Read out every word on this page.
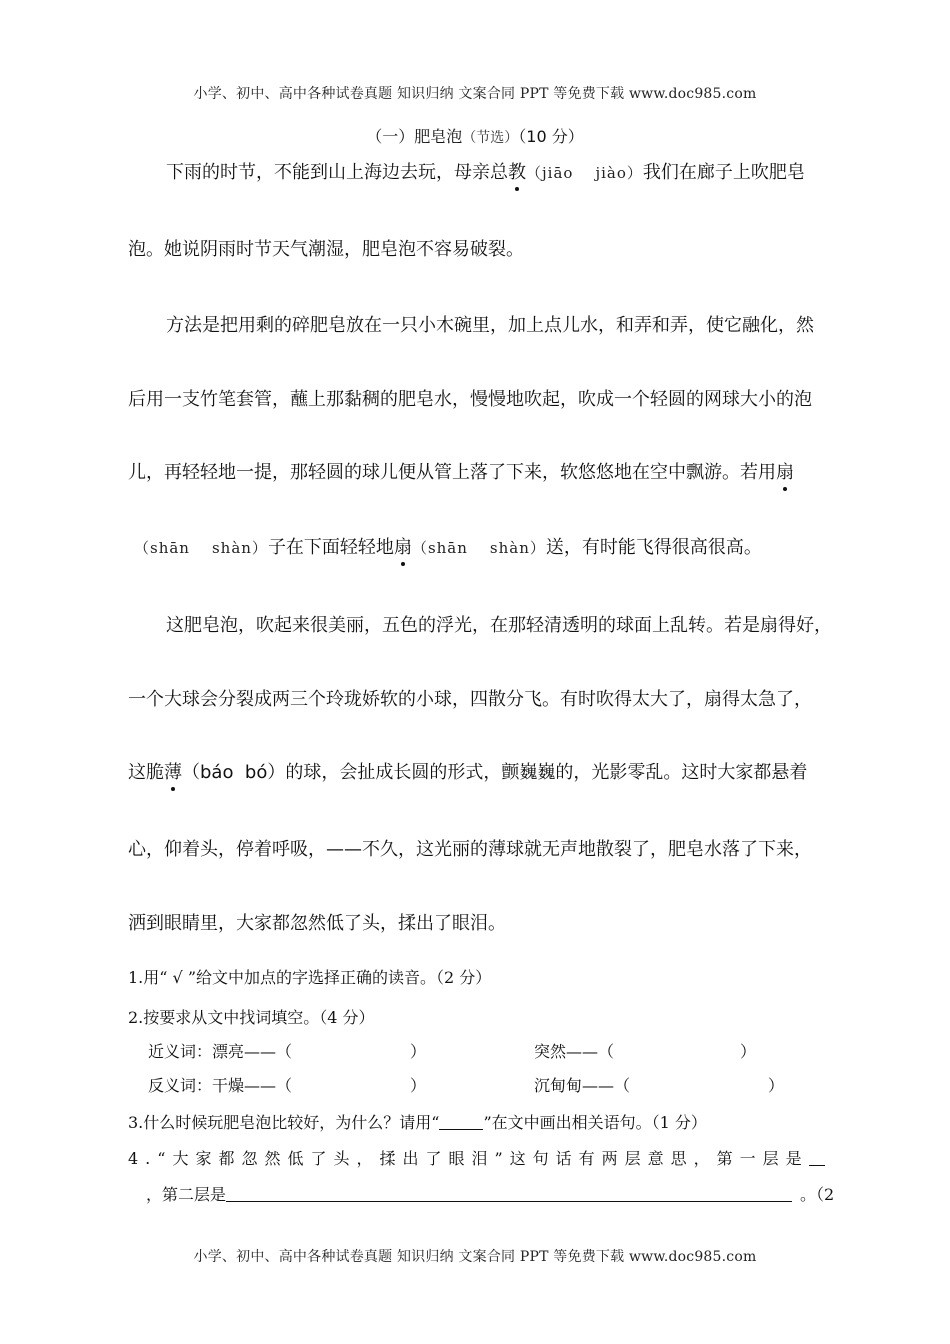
小学、初中、高中各种试卷真题 知识归纳 文案合同 PPT 等免费下载 www.doc985.com
（一）肥皂泡（节选）（10 分）
下雨的时节，不能到山上海边去玩，母亲总教（jiāo jiào）我们在廊子上吹肥皂
泡。她说阴雨时节天气潮湿，肥皂泡不容易破裂。
方法是把用剩的碎肥皂放在一只小木碗里，加上点儿水，和弄和弄，使它融化，然
后用一支竹笔套管，蘸上那黏稠的肥皂水，慢慢地吹起，吹成一个轻圆的网球大小的泡
儿，再轻轻地一提，那轻圆的球儿便从管上落了下来，软悠悠地在空中飘游。若用扇
（shān shàn）子在下面轻轻地扇（shān shàn）送，有时能飞得很高很高。
这肥皂泡，吹起来很美丽，五色的浮光，在那轻清透明的球面上乱转。若是扇得好，
一个大球会分裂成两三个玲珑娇软的小球，四散分飞。有时吹得太大了，扇得太急了，
这脆薄（báo  bó）的球，会扯成长圆的形式，颤巍巍的，光影零乱。这时大家都悬着
心，仰着头，停着呼吸，——不久，这光丽的薄球就无声地散裂了，肥皂水落了下来，
洒到眼睛里，大家都忽然低了头，揉出了眼泪。
1.用“ √ ”给文中加点的字选择正确的读音。（2 分）
2.按要求从文中找词填空。（4 分）
近义词：漂亮——（	）	突然——（	）
反义词：干燥——（	）	沉甸甸——（	）
3.什么时候玩肥皂泡比较好，为什么？请用“	”在文中画出相关语句。（1 分）
4.“大家都忽然低了头，揉出了眼泪”这句话有两层意思，第一层是
，第二层是	。（2
小学、初中、高中各种试卷真题 知识归纳 文案合同 PPT 等免费下载 www.doc985.com
